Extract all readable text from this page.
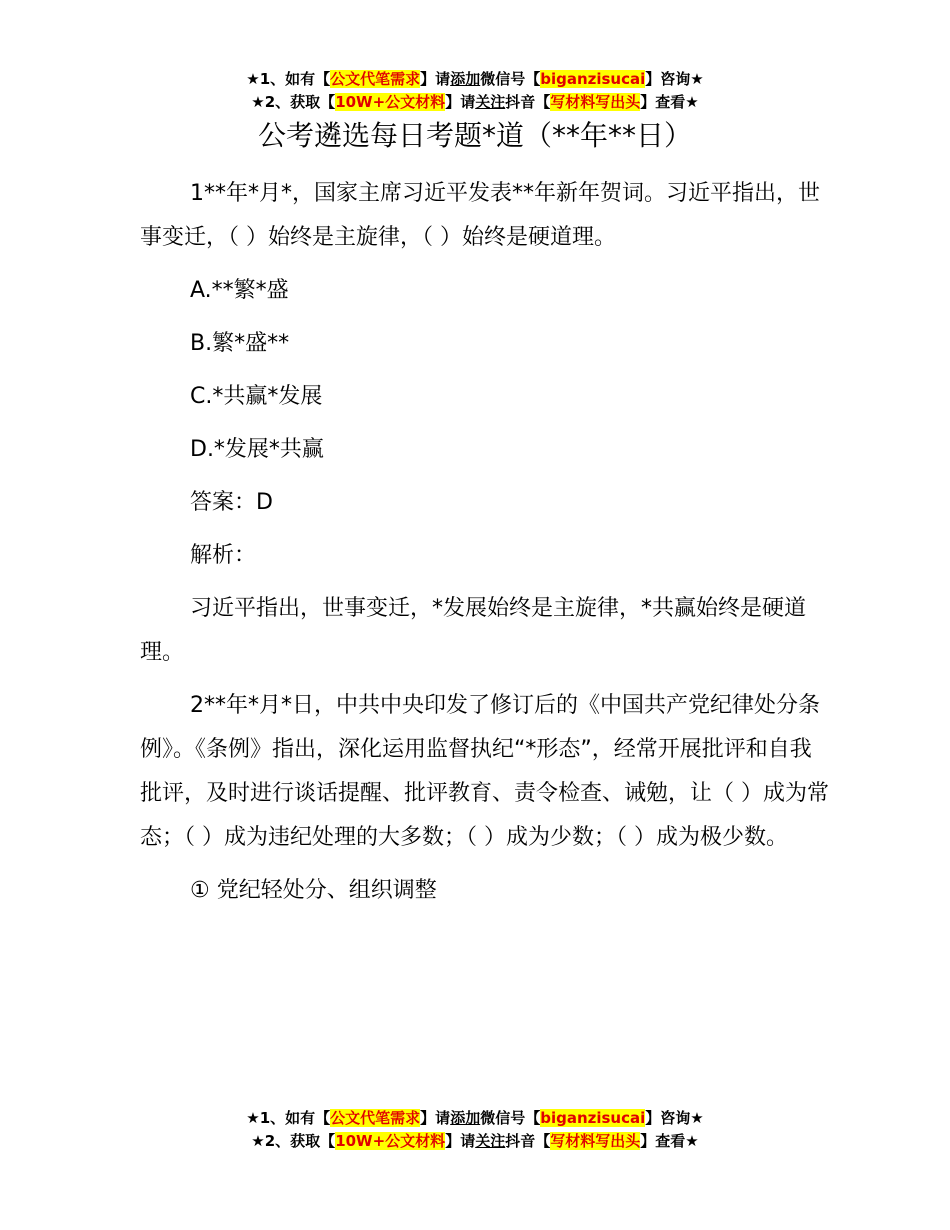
★1、如有【公文代笔需求】请添加微信号【biganzisucai】咨询★
★2、获取【10W+公文材料】请关注抖音【写材料写出头】查看★
公考遴选每日考题*道（**年**日）

1**年*月*，国家主席习近平发表**年新年贺词。习近平指出，世事变迁，（ ）始终是主旋律，（ ）始终是硬道理。

A.**繁*盛

B.繁*盛**

C.*共赢*发展

D.*发展*共赢

答案：D

解析：

习近平指出，世事变迁，*发展始终是主旋律，*共赢始终是硬道理。

2**年*月*日，中共中央印发了修订后的《中国共产党纪律处分条例》。《条例》指出，深化运用监督执纪“*形态”，经常开展批评和自我批评，及时进行谈话提醒、批评教育、责令检查、诫勉，让（ ）成为常态；（ ）成为违纪处理的大多数；（ ）成为少数；（ ）成为极少数。

① 党纪轻处分、组织调整

★1、如有【公文代笔需求】请添加微信号【biganzisucai】咨询★
★2、获取【10W+公文材料】请关注抖音【写材料写出头】查看★
